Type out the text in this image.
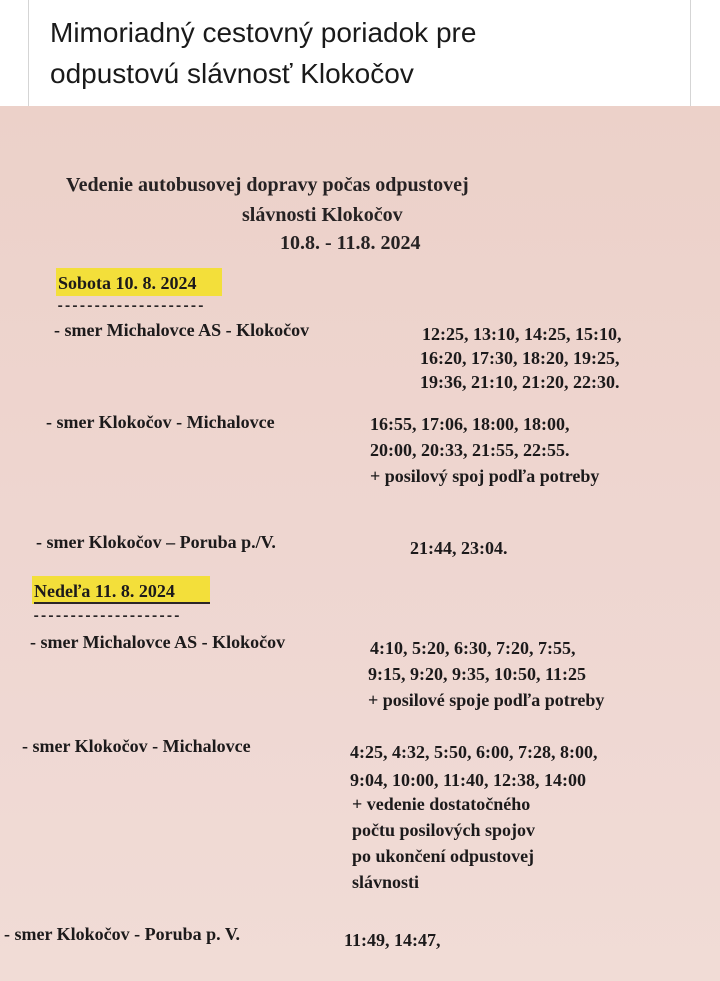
Mimoriadný cestovný poriadok pre
odpustovú slávnosť Klokočov
Vedenie autobusovej dopravy počas odpustovej
slávnosti Klokočov
10.8. - 11.8. 2024
Sobota 10. 8. 2024
--------------------
- smer Michalovce AS - Klokočov	12:25, 13:10, 14:25, 15:10,
16:20, 17:30, 18:20, 19:25,
19:36, 21:10, 21:20, 22:30.
- smer Klokočov - Michalovce	16:55, 17:06, 18:00, 18:00,
20:00, 20:33, 21:55, 22:55.
+ posilový spoj podľa potreby
- smer Klokočov – Poruba p./V.	21:44, 23:04.
Nedeľa 11. 8. 2024
--------------------
- smer Michalovce AS - Klokočov	4:10, 5:20, 6:30, 7:20, 7:55,
9:15, 9:20, 9:35, 10:50, 11:25
+ posilové spoje podľa potreby
- smer Klokočov - Michalovce	4:25, 4:32, 5:50, 6:00, 7:28, 8:00,
9:04, 10:00, 11:40, 12:38, 14:00
+ vedenie dostatočného
počtu posilových spojov
po ukončení odpustovej
slávnosti
- smer Klokočov - Poruba p. V.	11:49, 14:47,
